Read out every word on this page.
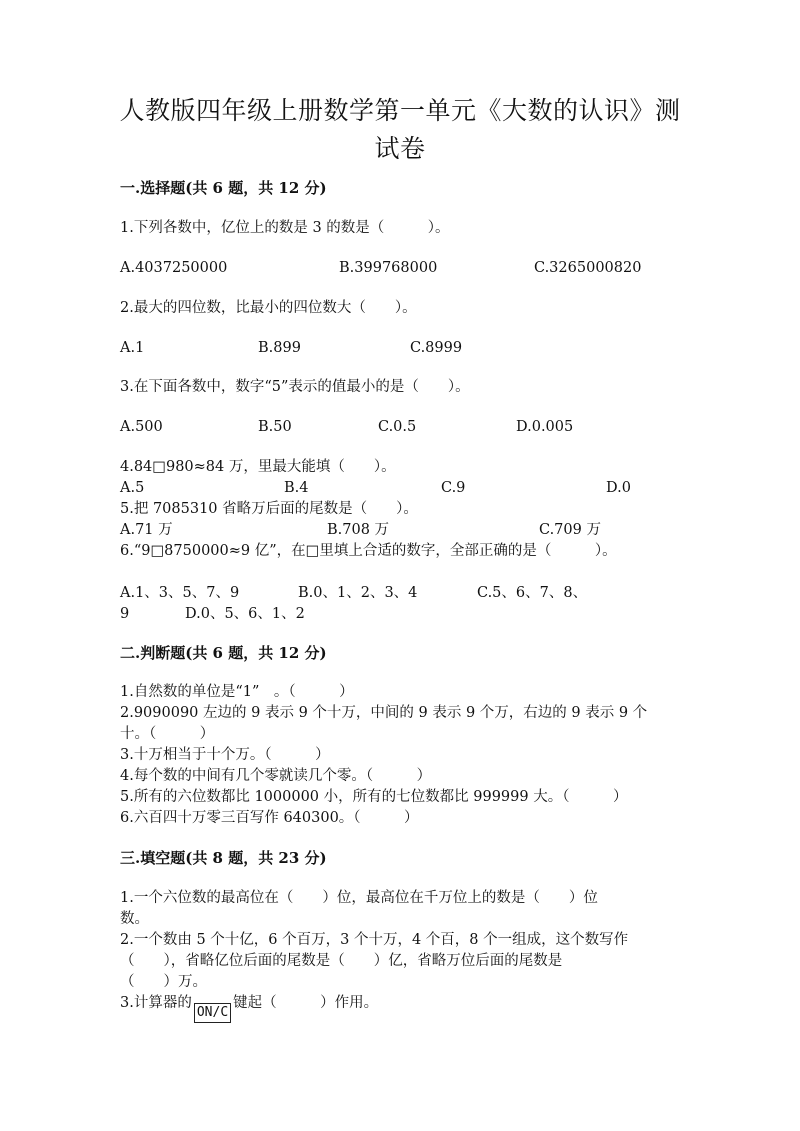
人教版四年级上册数学第一单元《大数的认识》测
试卷
一.选择题(共 6 题，共 12 分)
1.下列各数中，亿位上的数是 3 的数是（　　　）。
A.4037250000	B.399768000	C.3265000820
2.最大的四位数，比最小的四位数大（　　）。
A.1	B.899	C.8999
3.在下面各数中，数字“5”表示的值最小的是（　　）。
A.500	B.50	C.0.5	D.0.005
4.84□980≈84 万，里最大能填（　　）。
A.5	B.4	C.9	D.0
5.把 7085310 省略万后面的尾数是（　　）。
A.71 万	B.708 万	C.709 万
6.“9□8750000≈9 亿”，在□里填上合适的数字，全部正确的是（　　　）。
A.1、3、5、7、9	B.0、1、2、3、4	C.5、6、7、8、
9	D.0、5、6、1、2
二.判断题(共 6 题，共 12 分)
1.自然数的单位是“1”　。（　　　）
2.9090090 左边的 9 表示 9 个十万，中间的 9 表示 9 个万，右边的 9 表示 9 个
十。（　　　）
3.十万相当于十个万。（　　　）
4.每个数的中间有几个零就读几个零。（　　　）
5.所有的六位数都比 1000000 小，所有的七位数都比 999999 大。（　　　）
6.六百四十万零三百写作 640300。（　　　）
三.填空题(共 8 题，共 23 分)
1.一个六位数的最高位在（　　）位，最高位在千万位上的数是（　　）位
数。
2.一个数由 5 个十亿，6 个百万，3 个十万，4 个百，8 个一组成，这个数写作
（　　），省略亿位后面的尾数是（　　）亿，省略万位后面的尾数是
（　　）万。
3.计算器的ON/C键起（　　　）作用。
